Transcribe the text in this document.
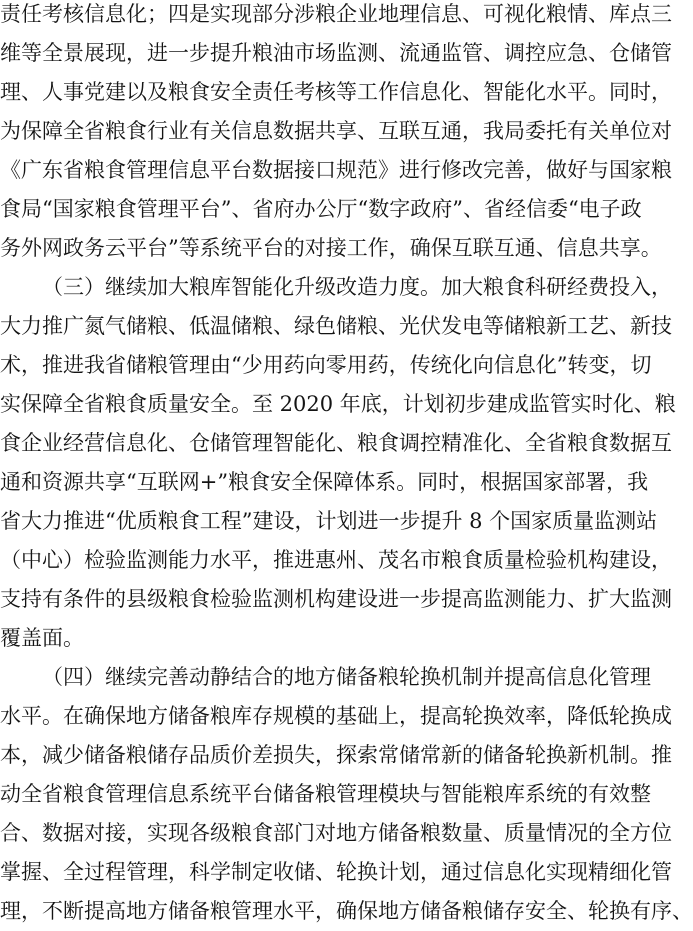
责任考核信息化；四是实现部分涉粮企业地理信息、可视化粮情、库点三

维等全景展现，进一步提升粮油市场监测、流通监管、调控应急、仓储管

理、人事党建以及粮食安全责任考核等工作信息化、智能化水平。同时，

为保障全省粮食行业有关信息数据共享、互联互通，我局委托有关单位对

《广东省粮食管理信息平台数据接口规范》进行修改完善，做好与国家粮

食局“国家粮食管理平台”、省府办公厅“数字政府”、省经信委“电子政

务外网政务云平台”等系统平台的对接工作，确保互联互通、信息共享。

（三）继续加大粮库智能化升级改造力度。加大粮食科研经费投入，

大力推广氮气储粮、低温储粮、绿色储粮、光伏发电等储粮新工艺、新技

术，推进我省储粮管理由“少用药向零用药，传统化向信息化”转变，切

实保障全省粮食质量安全。至 2020 年底，计划初步建成监管实时化、粮

食企业经营信息化、仓储管理智能化、粮食调控精准化、全省粮食数据互

通和资源共享“互联网+”粮食安全保障体系。同时，根据国家部署，我

省大力推进“优质粮食工程”建设，计划进一步提升 8 个国家质量监测站

（中心）检验监测能力水平，推进惠州、茂名市粮食质量检验机构建设，

支持有条件的县级粮食检验监测机构建设进一步提高监测能力、扩大监测

覆盖面。

（四）继续完善动静结合的地方储备粮轮换机制并提高信息化管理

水平。在确保地方储备粮库存规模的基础上，提高轮换效率，降低轮换成

本，减少储备粮储存品质价差损失，探索常储常新的储备轮换新机制。推

动全省粮食管理信息系统平台储备粮管理模块与智能粮库系统的有效整

合、数据对接，实现各级粮食部门对地方储备粮数量、质量情况的全方位

掌握、全过程管理，科学制定收储、轮换计划，通过信息化实现精细化管

理，不断提高地方储备粮管理水平，确保地方储备粮储存安全、轮换有序、
